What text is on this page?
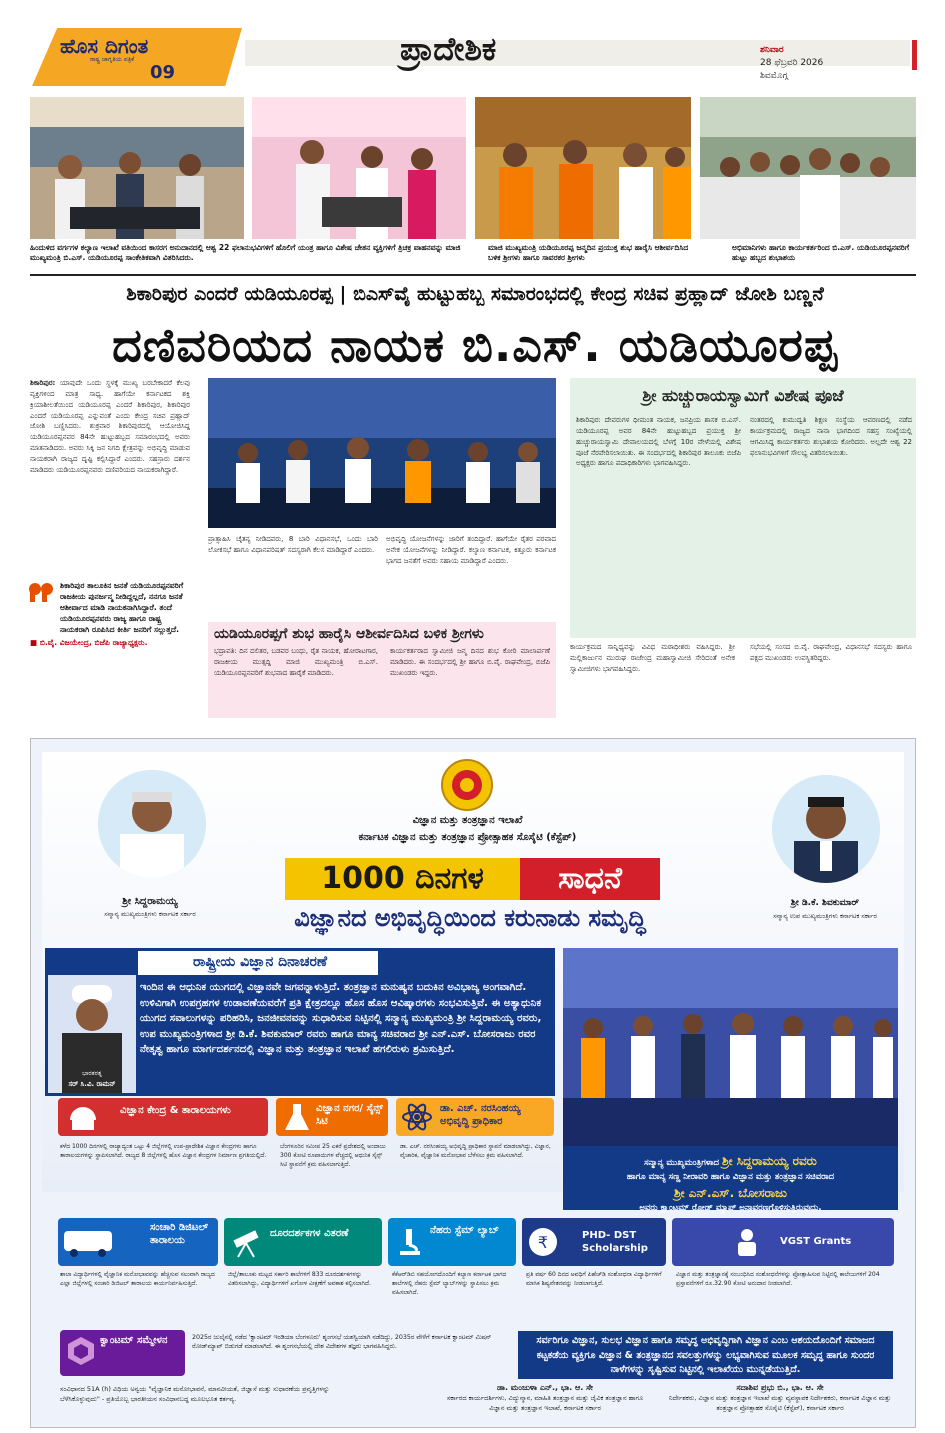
ಹೊಸ ದಿಗಂತ
ರಾಷ್ಟ್ರ ಜಾಗೃತಿಯ ಪತ್ರಿಕೆ
09
ಪ್ರಾದೇಶಿಕ	ಶನಿವಾರ
28 ಫೆಬ್ರವರಿ 2026
ಶಿವಮೊಗ್ಗ
ಹಿಂದುಳಿದ ವರ್ಗಗಳ ಕಲ್ಯಾಣ ಇಲಾಖೆ ವತಿಯಿಂದ ಕಾಸರಗ ಅನುದಾನದಲ್ಲಿ ಆಶ್ವ 22 ಫಲಾನುಭವಿಗಳಿಗೆ ಹೊಲಿಗೆ ಯಂತ್ರ ಹಾಗೂ ವಿಶೇಷ ಚೇತನ ವ್ಯಕ್ತಿಗಳಿಗೆ ತ್ರಿಚಕ್ರ ವಾಹನವನ್ನು ಮಾಜಿ ಮುಖ್ಯಮಂತ್ರಿ ಬಿ.ಎಸ್. ಯಡಿಯೂರಪ್ಪ ಸಾಂಕೇತಿಕವಾಗಿ ವಿತರಿಸಿದರು.
ಮಾಜಿ ಮುಖ್ಯಮಂತ್ರಿ ಯಡಿಯೂರಪ್ಪ ಜನ್ಮದಿನ ಪ್ರಯುಕ್ತ ಶುಭ ಹಾರೈಸಿ ಆಶೀರ್ವದಿಸಿದ ಬಳಿಕ ಶ್ರೀಗಳು ಹಾಗೂ ಸಾವರಕರ ಶ್ರೀಗಳು
ಅಭಿಮಾನಿಗಳು ಹಾಗೂ ಕಾರ್ಯಕರ್ತರಿಂದ ಬಿ.ಎಸ್. ಯಡಿಯೂರಪ್ಪನವರಿಗೆ ಹುಟ್ಟು ಹಬ್ಬದ ಶುಭಾಶಯ
ಶಿಕಾರಿಪುರ ಎಂದರೆ ಯಡಿಯೂರಪ್ಪ | ಬಿಎಸ್‌ವೈ ಹುಟ್ಟುಹಬ್ಬ ಸಮಾರಂಭದಲ್ಲಿ ಕೇಂದ್ರ ಸಚಿವ ಪ್ರಹ್ಲಾದ್ ಜೋಶಿ ಬಣ್ಣನೆ
ದಣಿವರಿಯದ ನಾಯಕ ಬಿ.ಎಸ್. ಯಡಿಯೂರಪ್ಪ
ಶಿಕಾರಿಪುರ: ಯಾವುದೇ ಒಂದು ಸ್ಥಳಕ್ಕೆ ಮುಖ್ಯ ಬರಬೇಕಾದರೆ ಕೆಲವು ವ್ಯಕ್ತಿಗಳಿಂದ ಮಾತ್ರ ಸಾಧ್ಯ. ಹಾಗೆಯೇ ಕರ್ನಾಟಕದ ಶಕ್ತಿ ಕ್ರಿಯಾಶೀಲತೆಯಿಂದ ಯಡಿಯೂರಪ್ಪ ಎಂದರೆ ಶಿಕಾರಿಪುರ, ಶಿಕಾರಿಪುರ ಎಂದರೆ ಯಡಿಯೂರಪ್ಪ ಎನ್ನುವಂತೆ ಎಂದು ಕೇಂದ್ರ ಸಚಿವ ಪ್ರಹ್ಲಾದ್ ಜೋಶಿ ಬಣ್ಣಿಸಿದರು. ಶುಕ್ರವಾರ ಶಿಕಾರಿಪುರದಲ್ಲಿ ಆಯೋಜಿಸಿದ್ದ ಯಡಿಯೂರಪ್ಪನವರ 84ನೇ ಹುಟ್ಟುಹಬ್ಬದ ಸಮಾರಂಭದಲ್ಲಿ ಅವರು ಮಾತನಾಡಿದರು. ಅವರು ಸಿಕ್ಕಿ ಜನ ನಿಗದಿ ಕ್ಷೇತ್ರವನ್ನು ಅಭಿವೃದ್ಧಿ ಮಾಡುವ ನಾಯಕರಾಗಿ ರಾಜ್ಯದ ದೃಷ್ಟಿ ಕಲ್ಪಿಸಿದ್ದಾರೆ ಎಂದರು. ಸಹಸ್ರಾರು ದರ್ಶನ ಮಾಡಿದರು ಯಡಿಯೂರಪ್ಪನವರು ದಣಿವರಿಯದ ನಾಯಕರಾಗಿದ್ದಾರೆ.
ಶಿಕಾರಿಪುರ ತಾಲೂಕಿನ ಜನತೆ ಯಡಿಯೂರಪ್ಪನವರಿಗೆ ರಾಜಕೀಯ ಪುನರ್ಜನ್ಮ ನೀಡಿದ್ದಲ್ಲದೆ, ನನಗೂ ಜನತೆ ಆಶೀರ್ವಾದ ಮಾಡಿ ನಾಯಕನಾಗಿಸಿದ್ದಾರೆ. ತಂದೆ ಯಡಿಯೂರಪ್ಪನವರು ರಾಜ್ಯ ಹಾಗೂ ರಾಷ್ಟ್ರ ನಾಯಕರಾಗಿ ರೂಪಿಸಿದ ಕೀರ್ತಿ ಜನರಿಗೆ ಸಲ್ಲುತ್ತದೆ.
■ ಬಿ.ವೈ. ವಿಜಯೇಂದ್ರ, ಬಿಜೆಪಿ ರಾಜ್ಯಾಧ್ಯಕ್ಷರು.
ಪ್ರಾತ್ಸಾಹಿಸಿ ಚೈತನ್ಯ ನೀಡಿದವರು, 8 ಬಾರಿ ವಿಧಾನಸಭೆ, ಒಂದು ಬಾರಿ ಲೋಕಸಭೆ ಹಾಗೂ ವಿಧಾನಪರಿಷತ್ ಸದಸ್ಯರಾಗಿ ಕೆಲಸ ಮಾಡಿದ್ದಾರೆ ಎಂದರು.
ಅಭಿವೃದ್ಧಿ ಯೋಜನೆಗಳನ್ನು ಜಾರಿಗೆ ತಂದಿದ್ದಾರೆ. ಹಾಗೆಯೇ ರೈತರ ಪರವಾದ ಅನೇಕ ಯೋಜನೆಗಳನ್ನು ನೀಡಿದ್ದಾರೆ. ಕಲ್ಯಾಣ ಕರ್ನಾಟಕ, ಕಿತ್ತೂರು ಕರ್ನಾಟಕ ಭಾಗದ ಜನತೆಗೆ ಅವರು ಸಹಾಯ ಮಾಡಿದ್ದಾರೆ ಎಂದರು.
ಯಡಿಯೂರಪ್ಪಗೆ ಶುಭ ಹಾರೈಸಿ ಆಶೀರ್ವದಿಸಿದ ಬಳಿಕ ಶ್ರೀಗಳು
ಭದ್ರಾವತಿ: ದಿನ ದಲಿತರ, ಬಡವರ ಬಂಧು, ರೈತ ನಾಯಕ, ಹೋರಾಟಗಾರ, ರಾಜಕೀಯ ಮುತ್ಸದ್ದಿ ಮಾಜಿ ಮುಖ್ಯಮಂತ್ರಿ ಬಿ.ಎಸ್. ಯಡಿಯೂರಪ್ಪನವರಿಗೆ ಶುಭವಾದ ಹಾರೈಕೆ ಮಾಡಿದರು.
ಕಾರ್ಯಕರ್ತರಾದ ಸ್ವಾಮೀಜಿ ಜನ್ಮ ದಿನದ ಶುಭ ಕೋರಿ ಮಾಲಾರ್ಪಣೆ ಮಾಡಿದರು. ಈ ಸಂದರ್ಭದಲ್ಲಿ ಶ್ರೀ ಹಾಗೂ ಬಿ.ವೈ. ರಾಘವೇಂದ್ರ, ಬಿಜೆಪಿ ಮುಖಂಡರು ಇದ್ದರು.
ಶ್ರೀ ಹುಚ್ಚುರಾಯಸ್ವಾಮಿಗೆ ವಿಶೇಷ ಪೂಜೆ
ಶಿಕಾರಿಪುರ: ದೇವರುಗಳ ಧೀಮಂತ ನಾಯಕ, ಜನಪ್ರಿಯ ಶಾಸಕ ಬಿ.ಎಸ್. ಯಡಿಯೂರಪ್ಪ ಅವರ 84ನೇ ಹುಟ್ಟುಹಬ್ಬದ ಪ್ರಯುಕ್ತ ಶ್ರೀ ಹುಚ್ಚುರಾಯಸ್ವಾಮಿ ದೇವಾಲಯದಲ್ಲಿ ಬೆಳಗ್ಗೆ 10ರ ವೇಳೆಯಲ್ಲಿ ವಿಶೇಷ ಪೂಜೆ ನೆರವೇರಿಸಲಾಯಿತು. ಈ ಸಂದರ್ಭದಲ್ಲಿ ಶಿಕಾರಿಪುರ ತಾಲೂಕು ಬಿಜೆಪಿ ಅಧ್ಯಕ್ಷರು ಹಾಗೂ ಪದಾಧಿಕಾರಿಗಳು ಭಾಗವಹಿಸಿದ್ದರು.
ನಂತರದಲ್ಲಿ ಕುಮುದ್ವತಿ ಶಿಕ್ಷಣ ಸಂಸ್ಥೆಯ ಆವರಣದಲ್ಲಿ ನಡೆದ ಕಾರ್ಯಕ್ರಮದಲ್ಲಿ ರಾಜ್ಯದ ನಾನಾ ಭಾಗದಿಂದ ಸಹಸ್ರ ಸಂಖ್ಯೆಯಲ್ಲಿ ಆಗಮಿಸಿದ್ದ ಕಾರ್ಯಕರ್ತರು ಶುಭಾಶಯ ಕೋರಿದರು. ಅಲ್ಲದೇ ಆಶ್ವ 22 ಫಲಾನುಭವಿಗಳಿಗೆ ಸೌಲಭ್ಯ ವಿತರಿಸಲಾಯಿತು.
ಕಾರ್ಯಕ್ರಮದ ಸಾನ್ನಿಧ್ಯವನ್ನು ವಿವಿಧ ಮಠಾಧೀಶರು ವಹಿಸಿದ್ದರು. ಶ್ರೀ ಮಲ್ಲಿಕಾರ್ಜುನ ಮುರುಘ ರಾಜೇಂದ್ರ ಮಹಾಸ್ವಾಮೀಜಿ ಸೇರಿದಂತೆ ಅನೇಕ ಸ್ವಾಮೀಜಿಗಳು ಭಾಗವಹಿಸಿದ್ದರು.
ಸಭೆಯಲ್ಲಿ ಸಂಸದ ಬಿ.ವೈ. ರಾಘವೇಂದ್ರ, ವಿಧಾನಸಭೆ ಸದಸ್ಯರು ಹಾಗೂ ಪಕ್ಷದ ಮುಖಂಡರು ಉಪಸ್ಥಿತರಿದ್ದರು.
ವಿಜ್ಞಾನ ಮತ್ತು ತಂತ್ರಜ್ಞಾನ ಇಲಾಖೆ
ಕರ್ನಾಟಕ ವಿಜ್ಞಾನ ಮತ್ತು ತಂತ್ರಜ್ಞಾನ ಪ್ರೋತ್ಸಾಹಕ ಸೊಸೈಟಿ (ಕೆಸ್ಟೆಪ್)
1000 ದಿನಗಳ	ಸಾಧನೆ
ವಿಜ್ಞಾನದ ಅಭಿವೃದ್ಧಿಯಿಂದ ಕರುನಾಡು ಸಮೃದ್ಧಿ
ಶ್ರೀ ಸಿದ್ದರಾಮಯ್ಯ
ಸನ್ಮಾನ್ಯ ಮುಖ್ಯಮಂತ್ರಿಗಳು ಕರ್ನಾಟಕ ಸರ್ಕಾರ
ಶ್ರೀ ಡಿ.ಕೆ. ಶಿವಕುಮಾರ್
ಸನ್ಮಾನ್ಯ ಉಪ ಮುಖ್ಯಮಂತ್ರಿಗಳು ಕರ್ನಾಟಕ ಸರ್ಕಾರ
ರಾಷ್ಟ್ರೀಯ ವಿಜ್ಞಾನ ದಿನಾಚರಣೆ
ಭಾರತರತ್ನ
ಸರ್ ಸಿ.ವಿ. ರಾಮನ್
ಇಂದಿನ ಈ ಆಧುನಿಕ ಯುಗದಲ್ಲಿ ವಿಜ್ಞಾನವೇ ಜಗವನ್ನಾಳುತ್ತಿದೆ. ತಂತ್ರಜ್ಞಾನ ಮನುಷ್ಯನ ಬದುಕಿನ ಅವಿಭಾಜ್ಯ ಅಂಗವಾಗಿದೆ. ಉಳಿವಿಗಾಗಿ ಉಪಗ್ರಹಗಳ ಉಡಾವಣೆಯವರೆಗೆ ಪ್ರತಿ ಕ್ಷೇತ್ರದಲ್ಲೂ ಹೊಸ ಹೊಸ ಆವಿಷ್ಕಾರಗಳು ಸಂಭವಿಸುತ್ತಿವೆ. ಈ ಅತ್ಯಾಧುನಿಕ ಯುಗದ ಸವಾಲುಗಳನ್ನು ಪರಿಹರಿಸಿ, ಜನಜೀವನವನ್ನು ಸುಧಾರಿಸುವ ನಿಟ್ಟಿನಲ್ಲಿ ಸನ್ಮಾನ್ಯ ಮುಖ್ಯಮಂತ್ರಿ ಶ್ರೀ ಸಿದ್ದರಾಮಯ್ಯ ರವರು, ಉಪ ಮುಖ್ಯಮಂತ್ರಿಗಳಾದ ಶ್ರೀ ಡಿ.ಕೆ. ಶಿವಕುಮಾರ್ ರವರು ಹಾಗೂ ಮಾನ್ಯ ಸಚಿವರಾದ ಶ್ರೀ ಎನ್.ಎಸ್. ಬೋಸರಾಜು ರವರ ನೇತೃತ್ವ ಹಾಗೂ ಮಾರ್ಗದರ್ಶನದಲ್ಲಿ ವಿಜ್ಞಾನ ಮತ್ತು ತಂತ್ರಜ್ಞಾನ ಇಲಾಖೆ ಹಗಲಿರುಳು ಶ್ರಮಿಸುತ್ತಿದೆ.
ಸನ್ಮಾನ್ಯ ಮುಖ್ಯಮಂತ್ರಿಗಳಾದ ಶ್ರೀ ಸಿದ್ದರಾಮಯ್ಯ ರವರು
ಹಾಗೂ ಮಾನ್ಯ ಸಣ್ಣ ನೀರಾವರಿ ಹಾಗೂ ವಿಜ್ಞಾನ ಮತ್ತು ತಂತ್ರಜ್ಞಾನ ಸಚಿವರಾದ
ಶ್ರೀ ಎನ್.ಎಸ್. ಬೋಸರಾಜು
ಅವರು ಕ್ವಾಂಟಮ್ ರೋಡ್ ಮ್ಯಾಪ್ ಅನಾವರಣಗೊಳಿಸುತ್ತಿರುವುದು.
ವಿಜ್ಞಾನ ಕೇಂದ್ರ & ತಾರಾಲಯಗಳು
ಕಳೆದ 1000 ದಿನಗಳಲ್ಲಿ ರಾಜ್ಯಾದ್ಯಂತ ಒಟ್ಟು 4 ಜಿಲ್ಲೆಗಳಲ್ಲಿ ಉಪ-ಪ್ರಾದೇಶಿಕ ವಿಜ್ಞಾನ ಕೇಂದ್ರಗಳು ಹಾಗೂ ತಾರಾಲಯಗಳನ್ನು ಸ್ಥಾಪಿಸಲಾಗಿದೆ. ರಾಜ್ಯದ 8 ಜಿಲ್ಲೆಗಳಲ್ಲಿ ಹೊಸ ವಿಜ್ಞಾನ ಕೇಂದ್ರಗಳ ನಿರ್ಮಾಣ ಪ್ರಗತಿಯಲ್ಲಿದೆ.
ವಿಜ್ಞಾನ ನಗರ/ ಸೈನ್ಸ್ ಸಿಟಿ
ಬೆಂಗಳೂರಿನ ಸಮೀಪ 25 ಎಕರೆ ಪ್ರದೇಶದಲ್ಲಿ ಅಂದಾಜು 300 ಕೋಟಿ ರೂಪಾಯಿಗಳ ವೆಚ್ಚದಲ್ಲಿ ಆಧುನಿಕ ಸೈನ್ಸ್ ಸಿಟಿ ಸ್ಥಾಪನೆಗೆ ಕ್ರಮ ವಹಿಸಲಾಗುತ್ತಿದೆ.
ಡಾ. ಎಚ್. ನರಸಿಂಹಯ್ಯ ಅಭಿವೃದ್ಧಿ ಪ್ರಾಧಿಕಾರ
ಡಾ. ಎಚ್. ನರಸಿಂಹಯ್ಯ ಅಭಿವೃದ್ಧಿ ಪ್ರಾಧಿಕಾರ ಸ್ಥಾಪನೆ ಮಾಡಲಾಗಿದ್ದು, ವಿಜ್ಞಾನ, ವೈಚಾರಿಕ, ವೈಜ್ಞಾನಿಕ ಮನೋಭಾವ ಬೆಳೆಸಲು ಕ್ರಮ ವಹಿಸಲಾಗಿದೆ.
ಸಂಚಾರಿ ಡಿಜಿಟಲ್ ತಾರಾಲಯ
ಶಾಲಾ ವಿದ್ಯಾರ್ಥಿಗಳಲ್ಲಿ ವೈಜ್ಞಾನಿಕ ಮನೋಭಾವವನ್ನು ಹೆಚ್ಚಿಸುವ ಸಲುವಾಗಿ ರಾಜ್ಯದ ಎಲ್ಲಾ ಜಿಲ್ಲೆಗಳಲ್ಲಿ ಸಂಚಾರಿ ಡಿಜಿಟಲ್ ತಾರಾಲಯ ಕಾರ್ಯನಿರ್ವಹಿಸುತ್ತಿದೆ.
ದೂರದರ್ಶಕಗಳ ವಿತರಣೆ
ಜಿಲ್ಲೆ/ತಾಲೂಕು ಮಟ್ಟದ ಸರ್ಕಾರಿ ಶಾಲೆಗಳಿಗೆ 833 ದೂರದರ್ಶಕಗಳನ್ನು ವಿತರಿಸಲಾಗಿದ್ದು, ವಿದ್ಯಾರ್ಥಿಗಳಿಗೆ ಖಗೋಳ ವೀಕ್ಷಣೆಗೆ ಅವಕಾಶ ಕಲ್ಪಿಸಲಾಗಿದೆ.
ನೆಹರು ಸ್ಟೆಮ್ ಲ್ಯಾಬ್
ಕೆಕೆಆರ್‌ಡಿಬಿ ಸಹಯೋಗದೊಂದಿಗೆ ಕಲ್ಯಾಣ ಕರ್ನಾಟಕ ಭಾಗದ ಶಾಲೆಗಳಲ್ಲಿ ನೆಹರು ಸ್ಟೆಮ್ ಲ್ಯಾಬ್‌ಗಳನ್ನು ಸ್ಥಾಪಿಸಲು ಕ್ರಮ ವಹಿಸಲಾಗಿದೆ.
₹	PHD- DST Scholarship
ಪ್ರತಿ ವರ್ಷ 60 ದಿನದ ಅವಧಿಗೆ ಪಿಹೆಚ್‌ಡಿ ಸಂಶೋಧನಾ ವಿದ್ಯಾರ್ಥಿಗಳಿಗೆ ಮಾಸಿಕ ಶಿಷ್ಯವೇತನವನ್ನು ನೀಡಲಾಗುತ್ತಿದೆ.
VGST Grants
ವಿಜ್ಞಾನ ಮತ್ತು ತಂತ್ರಜ್ಞಾನಕ್ಕೆ ಸಂಬಂಧಿಸಿದ ಸಂಶೋಧನೆಗಳನ್ನು ಪ್ರೋತ್ಸಾಹಿಸುವ ನಿಟ್ಟಿನಲ್ಲಿ ಕಾಲೇಜುಗಳಿಗೆ 204 ಪ್ರಸ್ತಾವನೆಗಳಿಗೆ ರೂ.32.90 ಕೋಟಿ ಅನುದಾನ ನೀಡಲಾಗಿದೆ.
ಕ್ವಾಂಟಮ್ ಸಮ್ಮೇಳನ	2025ರ ಜುಲೈನಲ್ಲಿ ನಡೆದ 'ಕ್ವಾಂಟಮ್ ಇಂಡಿಯಾ ಬೆಂಗಳೂರು' ಶೃಂಗಸಭೆ ಯಶಸ್ವಿಯಾಗಿ ನಡೆದಿದ್ದು, 2035ರ ವೇಳೆಗೆ ಕರ್ನಾಟಕ ಕ್ವಾಂಟಮ್ ಮಿಷನ್ ರೋಡ್‌ಮ್ಯಾಪ್ ಬಿಡುಗಡೆ ಮಾಡಲಾಗಿದೆ. ಈ ಶೃಂಗಸಭೆಯಲ್ಲಿ ದೇಶ ವಿದೇಶಗಳ ತಜ್ಞರು ಭಾಗವಹಿಸಿದ್ದರು.
ಸರ್ವರಿಗೂ ವಿಜ್ಞಾನ, ಸುಲಭ ವಿಜ್ಞಾನ ಹಾಗೂ ಸಮೃದ್ಧ ಅಭಿವೃದ್ಧಿಗಾಗಿ ವಿಜ್ಞಾನ ಎಂಬ ಆಶಯದೊಂದಿಗೆ ಸಮಾಜದ ಕಟ್ಟಕಡೆಯ ವ್ಯಕ್ತಿಗೂ ವಿಜ್ಞಾನ & ತಂತ್ರಜ್ಞಾನದ ಸವಲತ್ತುಗಳನ್ನು ಲಭ್ಯವಾಗಿಸುವ ಮೂಲಕ ಸಮೃದ್ಧ ಹಾಗೂ ಸುಂದರ ನಾಳೆಗಳನ್ನು ಸೃಷ್ಟಿಸುವ ನಿಟ್ಟಿನಲ್ಲಿ ಇಲಾಖೆಯು ಮುನ್ನಡೆಯುತ್ತಿದೆ.
ಸಂವಿಧಾನದ 51A (h) ವಿಧಿಯ ಅನ್ವಯ "ವೈಜ್ಞಾನಿಕ ಮನೋಭಾವನೆ, ಮಾನವೀಯತೆ, ಜಿಜ್ಞಾಸೆ ಮತ್ತು ಸುಧಾರಣೆಯ ಪ್ರವೃತ್ತಿಗಳನ್ನು ಬೆಳೆಸಿಕೊಳ್ಳುವುದು" - ಪ್ರತಿಯೊಬ್ಬ ಭಾರತೀಯನ ಸಂವಿಧಾನಬದ್ಧ ಮೂಲಭೂತ ಕರ್ತವ್ಯ.
ಡಾ. ಮಂಜುಳಾ ಎನ್., ಭಾ. ಆ. ಸೇ
ಸರ್ಕಾರದ ಕಾರ್ಯದರ್ಶಿಗಳು, ವಿದ್ಯುನ್ಮಾನ, ಮಾಹಿತಿ ತಂತ್ರಜ್ಞಾನ ಮತ್ತು ಜೈವಿಕ ತಂತ್ರಜ್ಞಾನ ಹಾಗೂ ವಿಜ್ಞಾನ ಮತ್ತು ತಂತ್ರಜ್ಞಾನ ಇಲಾಖೆ, ಕರ್ನಾಟಕ ಸರ್ಕಾರ
ಸದಾಶಿವ ಪ್ರಭು ಬಿ., ಭಾ. ಆ. ಸೇ
ನಿರ್ದೇಶಕರು, ವಿಜ್ಞಾನ ಮತ್ತು ತಂತ್ರಜ್ಞಾನ ಇಲಾಖೆ ಮತ್ತು ವ್ಯವಸ್ಥಾಪಕ ನಿರ್ದೇಶಕರು, ಕರ್ನಾಟಕ ವಿಜ್ಞಾನ ಮತ್ತು ತಂತ್ರಜ್ಞಾನ ಪ್ರೋತ್ಸಾಹಕ ಸೊಸೈಟಿ (ಕೆಸ್ಟೆಪ್), ಕರ್ನಾಟಕ ಸರ್ಕಾರ
